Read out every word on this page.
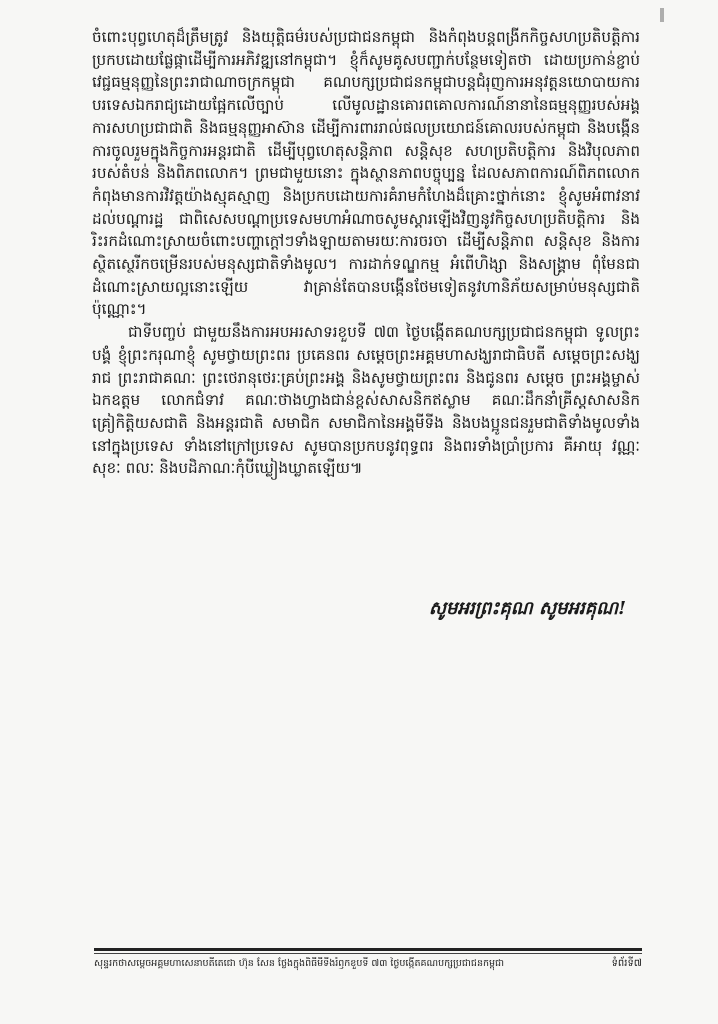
ចំពោះបុព្វហេតុដ៏ត្រឹមត្រូវ និងយុត្តិធម៌របស់ប្រជាជនកម្ពុជា និងកំពុងបន្តពង្រីកកិច្ចសហប្រតិបត្តិការប្រកបដោយផ្លែផ្កាដើម្បីការអភិវឌ្ឍនៅកម្ពុជា។ ខ្ញុំក៏សូមគូសបញ្ជាក់បន្ថែមទៀតថា ដោយប្រកាន់ខ្ជាប់វេជ្ជធម្មនុញ្ញនៃព្រះរាជាណាចក្រកម្ពុជា គណបក្សប្រជាជនកម្ពុជាបន្តជំរុញការអនុវត្តនយោបាយការបរទេសឯករាជ្យដោយផ្អែកលើច្បាប់ លើមូលដ្ឋានគោរពគោលការណ៍នានានៃធម្មនុញ្ញរបស់អង្គការសហប្រជាជាតិ និងធម្មនុញ្ញអាស៊ាន ដើម្បីការពាររាល់ផលប្រយោជន៍គោលរបស់កម្ពុជា និងបង្កើនការចូលរួមក្នុងកិច្ចការអន្តរជាតិ ដើម្បីបុព្វហេតុសន្តិភាព សន្តិសុខ សហប្រតិបត្តិការ និងវិបុលភាពរបស់តំបន់ និងពិភពលោក។ ព្រមជាមួយនោះ ក្នុងស្ថានភាពបច្ចុប្បន្ន ដែលសភាពការណ៍ពិភពលោកកំពុងមានការវិវត្តយ៉ាងស្មុគស្មាញ និងប្រកបដោយការគំរាមកំហែងដ៏គ្រោះថ្នាក់នោះ ខ្ញុំសូមអំពាវនាវដល់បណ្តារដ្ឋ ជាពិសេសបណ្តាប្រទេសមហាអំណាចសូមស្តារឡើងវិញនូវកិច្ចសហប្រតិបត្តិការ និងរិះរកដំណោះស្រាយចំពោះបញ្ហាក្តៅៗទាំងឡាយតាមរយៈការចរចា ដើម្បីសន្តិភាព សន្តិសុខ និងការស្ថិតស្ថេរីកចម្រើនរបស់មនុស្សជាតិទាំងមូល។ ការដាក់ទណ្ឌកម្ម អំពើហិង្សា និងសង្គ្រាម ពុំមែនជាដំណោះស្រាយល្អនោះឡើយ វាគ្រាន់តែបានបង្កើនថែមទៀតនូវហានិភ័យសម្រាប់មនុស្សជាតិប៉ុណ្ណោះ។

ជាទីបញ្ចប់ ជាមួយនឹងការអបអរសាទរខួបទី ៧៣ ថ្ងៃបង្កើតគណបក្សប្រជាជនកម្ពុជា ទូលព្រះបង្គំ ខ្ញុំព្រះករុណាខ្ញុំ សូមថ្វាយព្រះពរ ប្រគេនពរ សម្តេចព្រះអគ្គមហាសង្ឃរាជាធិបតី សម្តេចព្រះសង្ឃរាជ ព្រះរាជាគណៈ ព្រះថេរានុថេរៈគ្រប់ព្រះអង្គ និងសូមថ្វាយព្រះពរ និងជូនពរ សម្តេច ព្រះអង្គម្ចាស់ ឯកឧត្តម លោកជំទាវ គណៈថាងហ្វាងជាន់ខ្ពស់សាសនិកឥស្លាម គណៈដឹកនាំគ្រីស្តសាសនិក គ្រៀកិត្តិយសជាតិ និងអន្តរជាតិ សមាជិក សមាជិកានៃអង្គមីទីង និងបងប្អូនជនរួមជាតិទាំងមូលទាំងនៅក្នុងប្រទេស ទាំងនៅក្រៅប្រទេស សូមបានប្រកបនូវពុទ្ធពរ និងពរទាំងប្រាំប្រការ គឺអាយុ វណ្ណៈ សុខៈ ពលៈ និងបដិភាណៈកុំបីឃ្លៀងឃ្លាតឡើយ៕

សូមអរព្រះគុណ សូមអរគុណ!
សុន្ទរកថាសម្តេចអគ្គមហាសេនាបតីតេជោ ហ៊ុន សែន ថ្លែងក្នុងពិធីមីទីងរំឭកខួបទី ៧៣ ថ្ងៃបង្កើតគណបក្សប្រជាជនកម្ពុជា	ទំព័រទី៧
